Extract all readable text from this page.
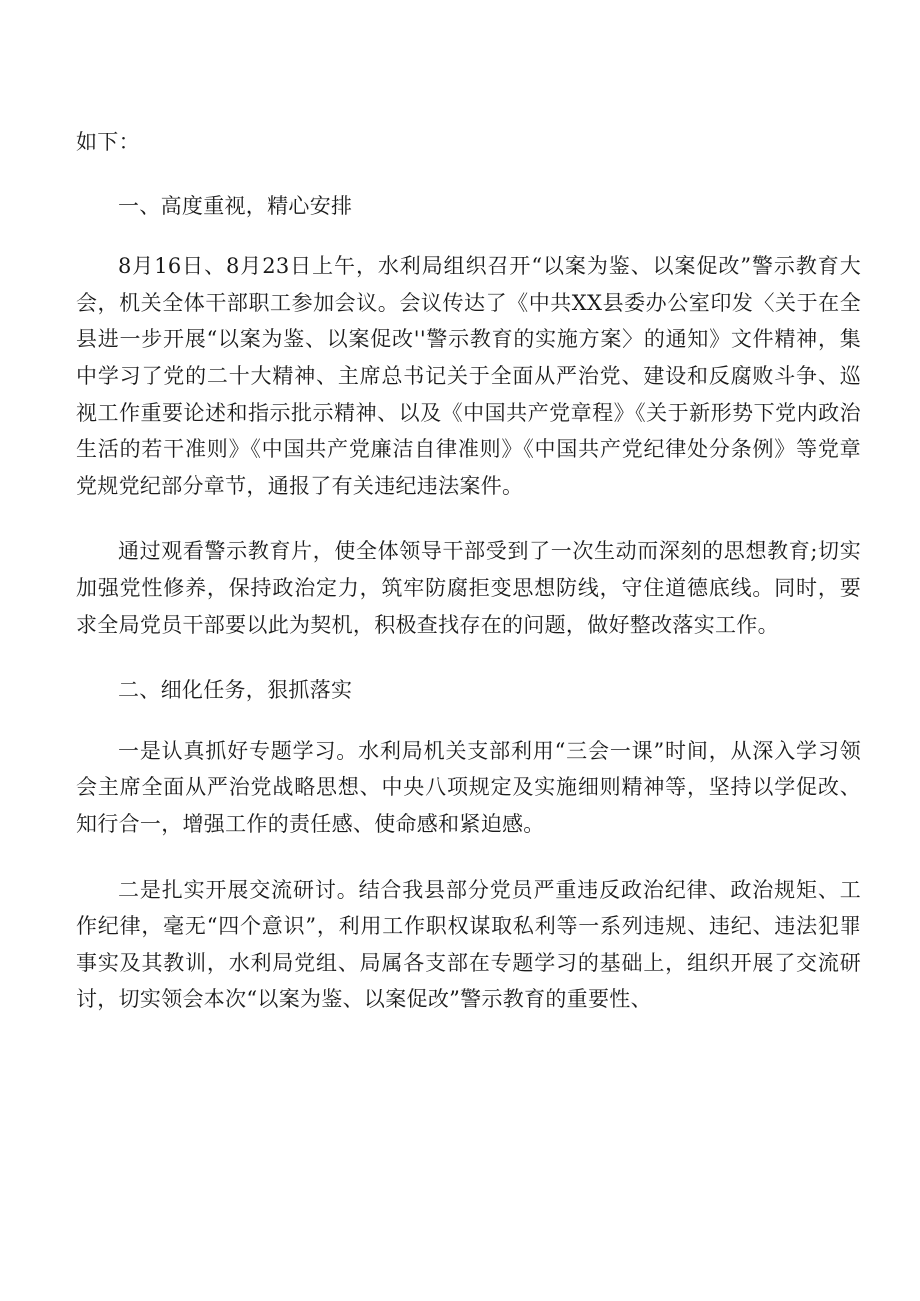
如下：

一、高度重视，精心安排

8月16日、8月23日上午，水利局组织召开“以案为鉴、以案促改”警示教育大会，机关全体干部职工参加会议。会议传达了《中共XX县委办公室印发〈关于在全县进一步开展“以案为鉴、以案促改''警示教育的实施方案〉的通知》文件精神，集中学习了党的二十大精神、主席总书记关于全面从严治党、建设和反腐败斗争、巡视工作重要论述和指示批示精神、以及《中国共产党章程》《关于新形势下党内政治生活的若干准则》《中国共产党廉洁自律准则》《中国共产党纪律处分条例》等党章党规党纪部分章节，通报了有关违纪违法案件。

通过观看警示教育片，使全体领导干部受到了一次生动而深刻的思想教育;切实加强党性修养，保持政治定力，筑牢防腐拒变思想防线，守住道德底线。同时，要求全局党员干部要以此为契机，积极查找存在的问题，做好整改落实工作。

二、细化任务，狠抓落实

一是认真抓好专题学习。水利局机关支部利用“三会一课”时间，从深入学习领会主席全面从严治党战略思想、中央八项规定及实施细则精神等，坚持以学促改、知行合一，增强工作的责任感、使命感和紧迫感。

二是扎实开展交流研讨。结合我县部分党员严重违反政治纪律、政治规矩、工作纪律，毫无“四个意识”，利用工作职权谋取私利等一系列违规、违纪、违法犯罪事实及其教训，水利局党组、局属各支部在专题学习的基础上，组织开展了交流研讨，切实领会本次“以案为鉴、以案促改”警示教育的重要性、
